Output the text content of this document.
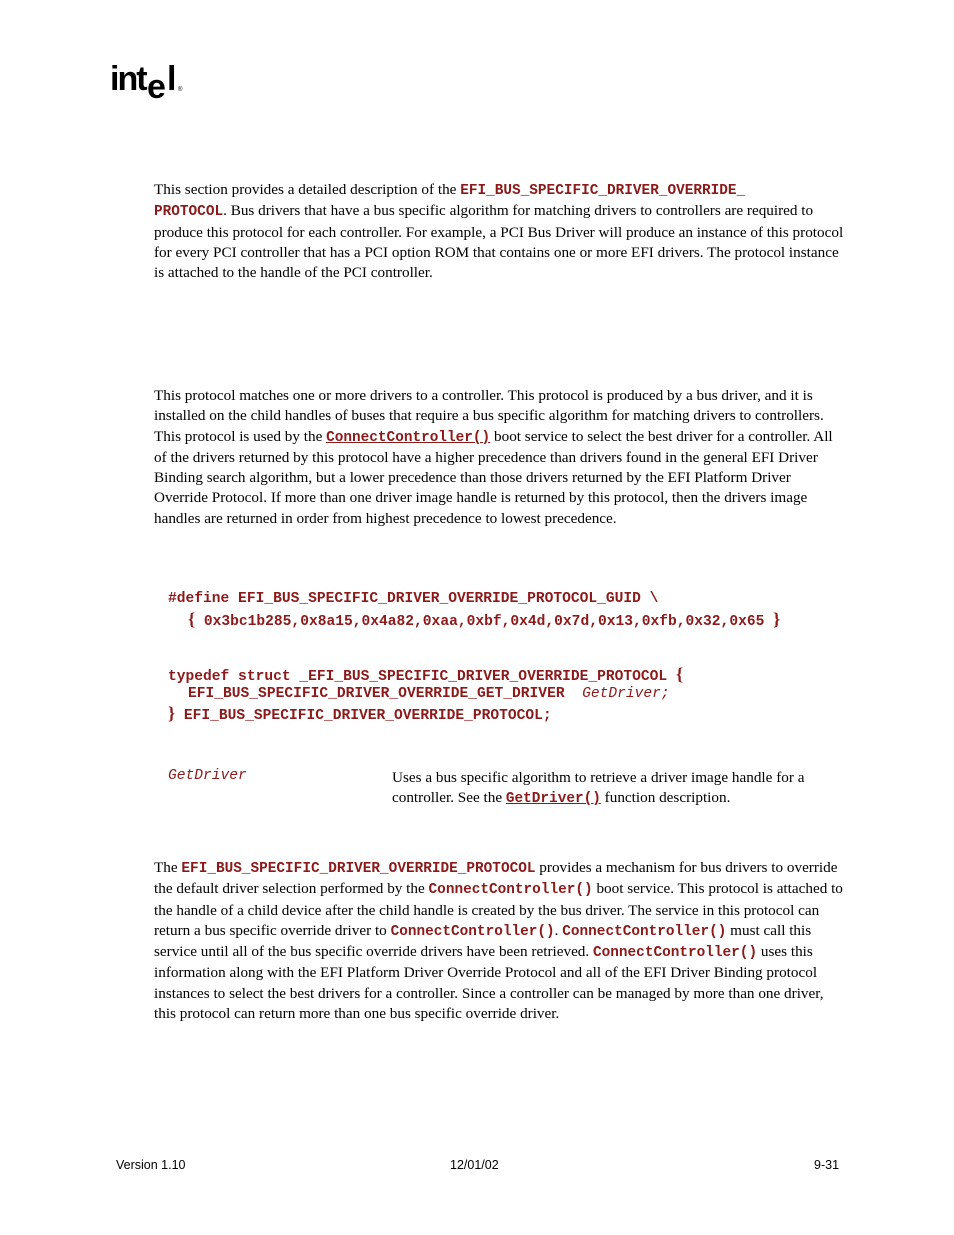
int e l ®

This section provides a detailed description of the EFI_BUS_SPECIFIC_DRIVER_OVERRIDE_
PROTOCOL. Bus drivers that have a bus specific algorithm for matching drivers to controllers are required to produce this protocol for each controller. For example, a PCI Bus Driver will produce an instance of this protocol for every PCI controller that has a PCI option ROM that contains one or more EFI drivers. The protocol instance is attached to the handle of the PCI controller.

This protocol matches one or more drivers to a controller. This protocol is produced by a bus driver, and it is installed on the child handles of buses that require a bus specific algorithm for matching drivers to controllers. This protocol is used by the ConnectController() boot service to select the best driver for a controller. All of the drivers returned by this protocol have a higher precedence than drivers found in the general EFI Driver Binding search algorithm, but a lower precedence than those drivers returned by the EFI Platform Driver Override Protocol. If more than one driver image handle is returned by this protocol, then the drivers image handles are returned in order from highest precedence to lowest precedence.

#define EFI_BUS_SPECIFIC_DRIVER_OVERRIDE_PROTOCOL_GUID \
{ 0x3bc1b285,0x8a15,0x4a82,0xaa,0xbf,0x4d,0x7d,0x13,0xfb,0x32,0x65 }
typedef struct _EFI_BUS_SPECIFIC_DRIVER_OVERRIDE_PROTOCOL {
EFI_BUS_SPECIFIC_DRIVER_OVERRIDE_GET_DRIVER GetDriver;
} EFI_BUS_SPECIFIC_DRIVER_OVERRIDE_PROTOCOL;
GetDriver	Uses a bus specific algorithm to retrieve a driver image handle for a controller. See the GetDriver() function description.

The EFI_BUS_SPECIFIC_DRIVER_OVERRIDE_PROTOCOL provides a mechanism for bus drivers to override the default driver selection performed by the ConnectController() boot service. This protocol is attached to the handle of a child device after the child handle is created by the bus driver. The service in this protocol can return a bus specific override driver to ConnectController(). ConnectController() must call this service until all of the bus specific override drivers have been retrieved. ConnectController() uses this information along with the EFI Platform Driver Override Protocol and all of the EFI Driver Binding protocol instances to select the best drivers for a controller. Since a controller can be managed by more than one driver, this protocol can return more than one bus specific override driver.

Version 1.10	12/01/02	9-31
